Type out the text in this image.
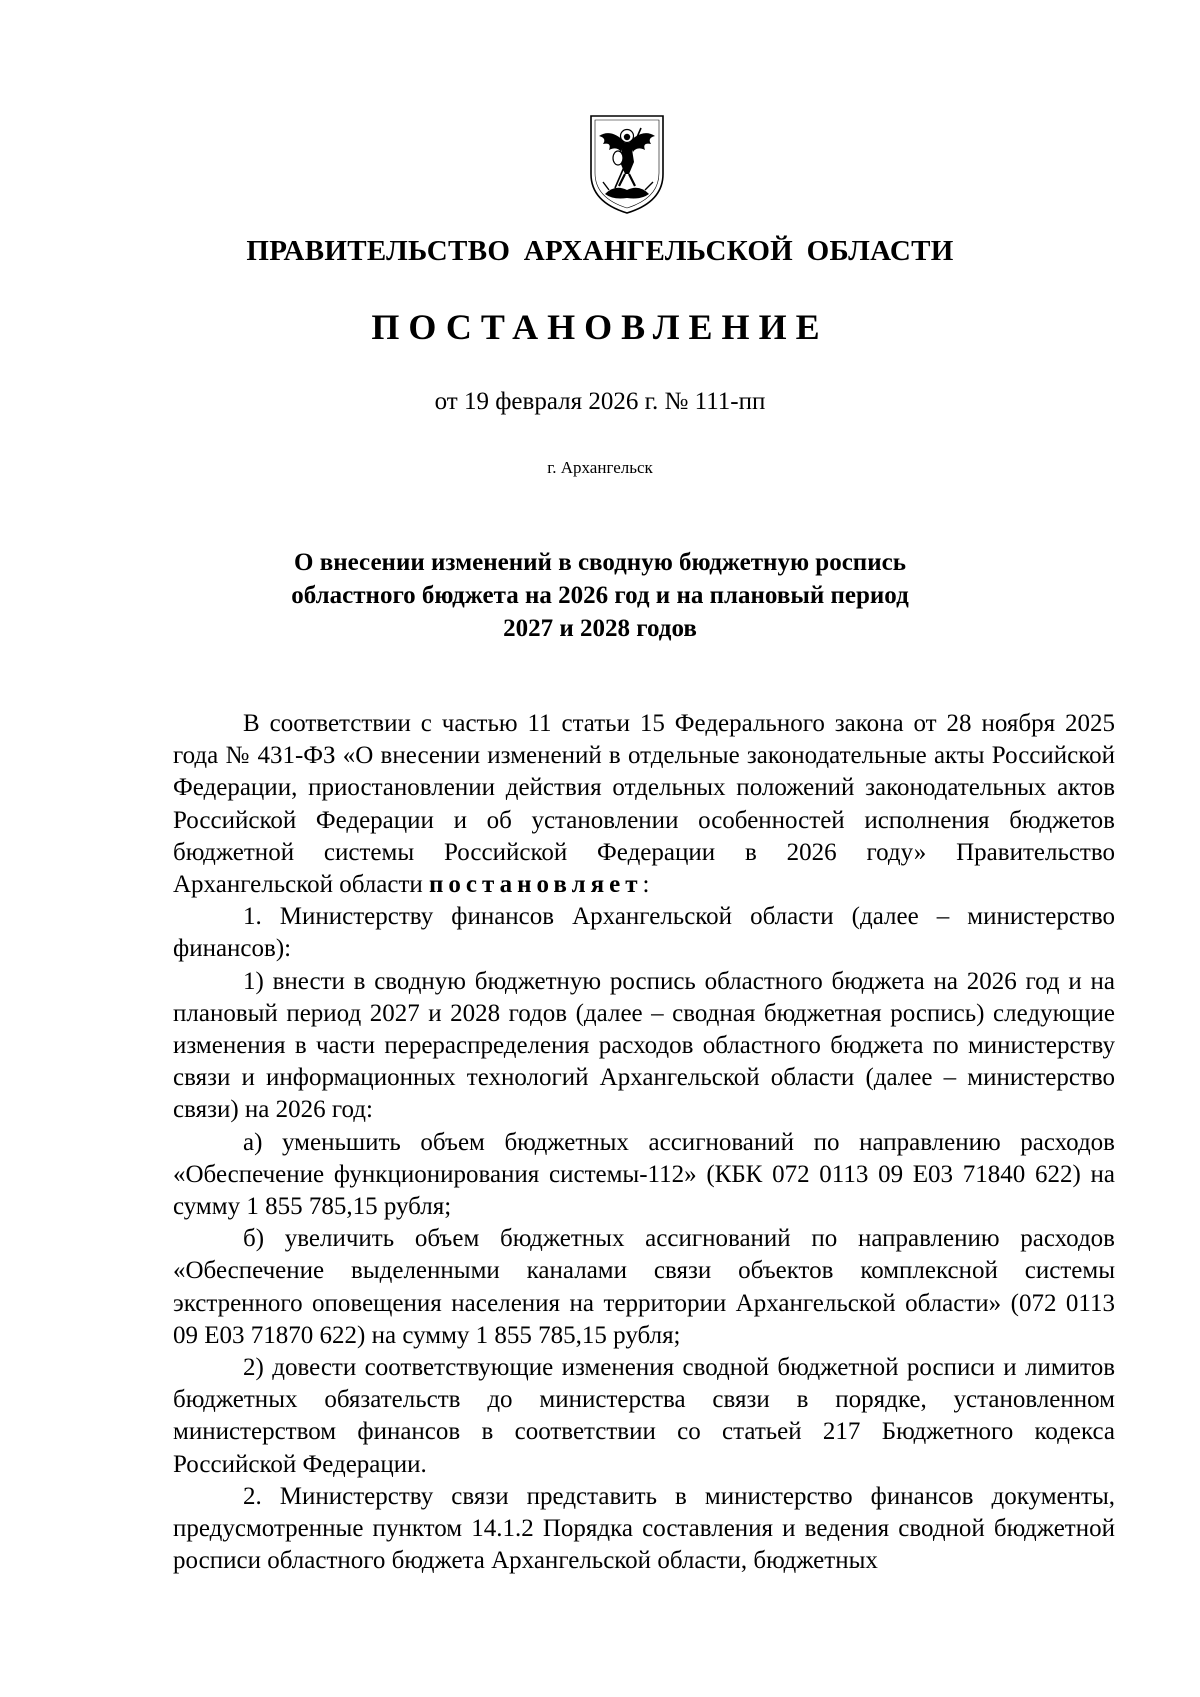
ПРАВИТЕЛЬСТВО АРХАНГЕЛЬСКОЙ ОБЛАСТИ
ПОСТАНОВЛЕНИЕ
от 19 февраля 2026 г. № 111-пп
г. Архангельск
О внесении изменений в сводную бюджетную роспись
областного бюджета на 2026 год и на плановый период
2027 и 2028 годов

В соответствии с частью 11 статьи 15 Федерального закона от 28 ноября 2025 года № 431-ФЗ «О внесении изменений в отдельные законодательные акты Российской Федерации, приостановлении действия отдельных положений законодательных актов Российской Федерации и об установлении особенностей исполнения бюджетов бюджетной системы Российской Федерации в 2026 году» Правительство Архангельской области постановляет:

1. Министерству финансов Архангельской области (далее – министерство финансов):

1) внести в сводную бюджетную роспись областного бюджета на 2026 год и на плановый период 2027 и 2028 годов (далее – сводная бюджетная роспись) следующие изменения в части перераспределения расходов областного бюджета по министерству связи и информационных технологий Архангельской области (далее – министерство связи) на 2026 год:

а) уменьшить объем бюджетных ассигнований по направлению расходов «Обеспечение функционирования системы-112» (КБК 072 0113 09 Е03 71840 622) на сумму 1 855 785,15 рубля;

б) увеличить объем бюджетных ассигнований по направлению расходов «Обеспечение выделенными каналами связи объектов комплексной системы экстренного оповещения населения на территории Архангельской области» (072 0113 09 Е03 71870 622) на сумму 1 855 785,15 рубля;

2) довести соответствующие изменения сводной бюджетной росписи и лимитов бюджетных обязательств до министерства связи в порядке, установленном министерством финансов в соответствии со статьей 217 Бюджетного кодекса Российской Федерации.

2. Министерству связи представить в министерство финансов документы, предусмотренные пунктом 14.1.2 Порядка составления и ведения сводной бюджетной росписи областного бюджета Архангельской области, бюджетных
